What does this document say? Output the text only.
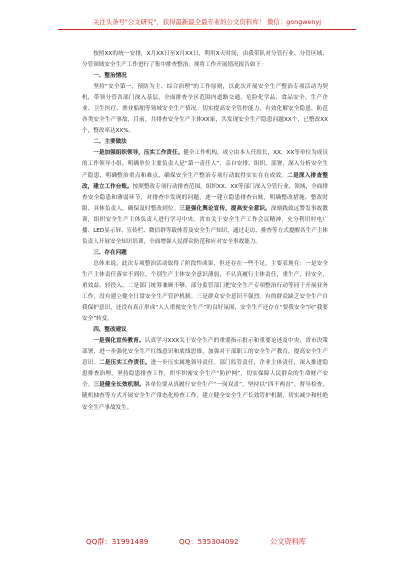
关注头条号"公文研究"，获得最新最全最专业的公文资料库！ 微信：gongwenyj

按照XX的统一安排，X月XX日至X月XX日，利用X天时间，由我带队对分管行业、分管区域、分管领域安全生产工作进行了集中排查整治，现将工作开展情况报告如下：

一、整治情况

坚持“安全第一、预防为主、综合治理”的工作原则，以此次开展安全生产整治专项活动为契机，带领分管各部门深入基层，全面排查全区范围内道路交通、危险化学品、食品安全、生产企业、卫生医疗、渔业船舶等领域安全生产情况。切实提高安全管控能力，有效化解安全隐患，防范各类安全生产事故，目前，共排查安全生产主体XX家，共发现安全生产隐患问题XX个，已整改XX个，整改率达XX%。

二、主要做法

一是加强组织领导，压实工作责任。健全工作机构，成立由本人任组长，XX、XX等单位为成员的工作领导小组，明确单位主要负责人是“第一责任人”，亲自安排、组织、部署，深入分析安全生产隐患，明确整治重点和难点，确保安全生产整治专项行动取得实实在在成效。二是深入排查整改，建立工作台账。按照整改专项行动排查范围，组织XX、XX等部门深入分管行业、领域，全面排查安全隐患和薄弱环节，对排查中发现的问题，逐一建立隐患排查台账，明确整改措施、整改时限、具体负责人，确保及时整改到位。三是强化舆论宣传，提高安全意识。深刻践致远警发事故教训，组织安全生产主体负责人进行学习中央、省市关于安全生产工作会议精神，充分利用村电广播、LED显示屏、宣传栏、微信群等载体普及安全生产知识，通过走访、排查等方式提醒各生产主体负责人开展安全知识培训，全面增强人民群众防范和应对安全事故能力。

三、存在问题

总体来说，此次专项整治活动取得了阶段性成果，但还存在一些不足，主要表现在：一是安全生产主体责任落实不到位。个别生产主体安全意识薄弱，不认真履行主体责任，重生产、轻安全，重效益、轻投入，二是部门统筹兼顾不够。部分监管部门把安全生产专项整治行动等同于开展业务工作，没有建立健全日常安全生产管护机制。三是群众安全意识不强烈。有的群众缺乏安全生产自我保护意识，还没有真正形成“人人重视安全生产”的良好氛围，安全生产还存在“要我安全”向“我要安全”转变。

四、整改建议

一是强化宣传教育。认真学习XXX关于安全生产的重要指示批示和重要论述及中央、省市决策部署，进一步强化安全生产红线意识和底线思维，加强对干部职工的安全生产教育，提高安全生产意识。二是压实工作责任。进一步压实属地领导责任、部门监管责任，企业主体责任，深入推进隐患排查治理，坚持隐患排查工作，织牢织密安全生产“防护网”，切实保障人民群众的生命财产安全。三是健全长效机制。各单位要从真履行安全生产“一岗双责”，坚持以“四不两直”、督导检查、随机抽查等方式开展安全生产常态化检查工作，建立健全安全生产长效管护机制，切实减少和杜绝安全生产事故发生。

QQ群：31991489	QQ：535304092	公文资料库
